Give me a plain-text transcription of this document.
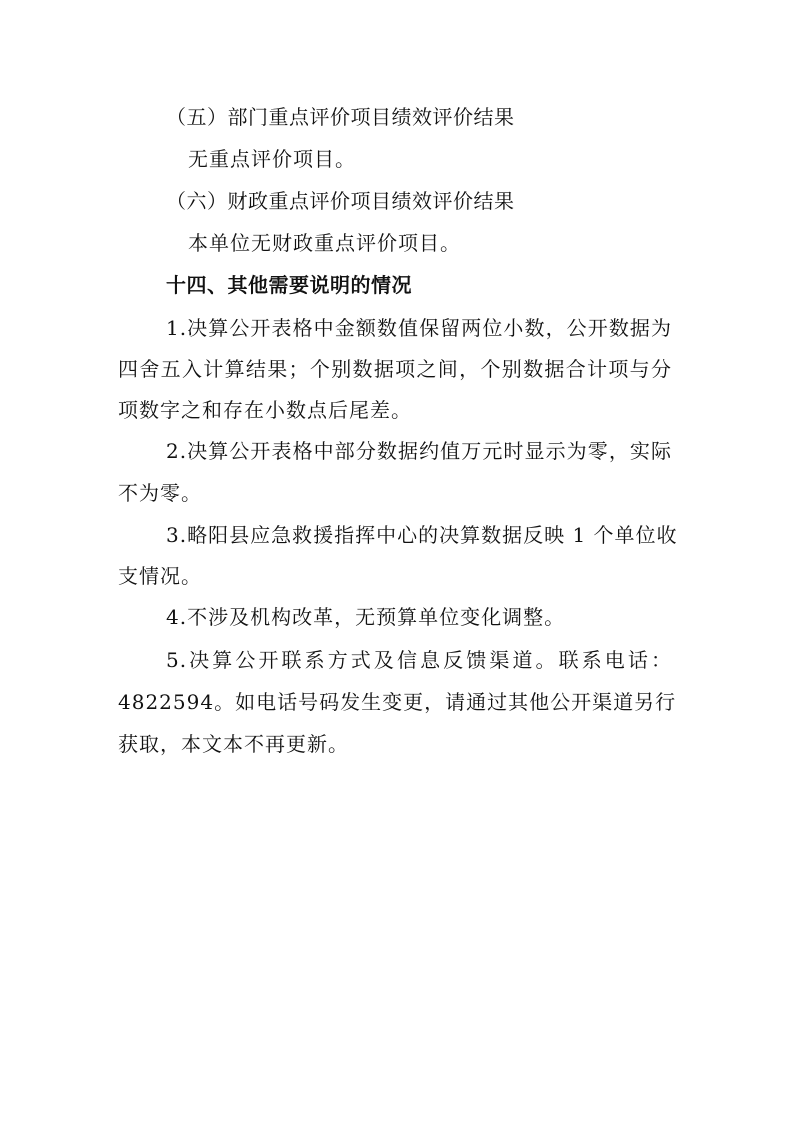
（五）部门重点评价项目绩效评价结果
无重点评价项目。
（六）财政重点评价项目绩效评价结果
本单位无财政重点评价项目。
十四、其他需要说明的情况
1.决算公开表格中金额数值保留两位小数，公开数据为
四舍五入计算结果；个别数据项之间，个别数据合计项与分
项数字之和存在小数点后尾差。
2.决算公开表格中部分数据约值万元时显示为零，实际
不为零。
3.略阳县应急救援指挥中心的决算数据反映 1 个单位收
支情况。
4.不涉及机构改革，无预算单位变化调整。
5.决算公开联系方式及信息反馈渠道。联系电话：
4822594。如电话号码发生变更，请通过其他公开渠道另行
获取，本文本不再更新。
